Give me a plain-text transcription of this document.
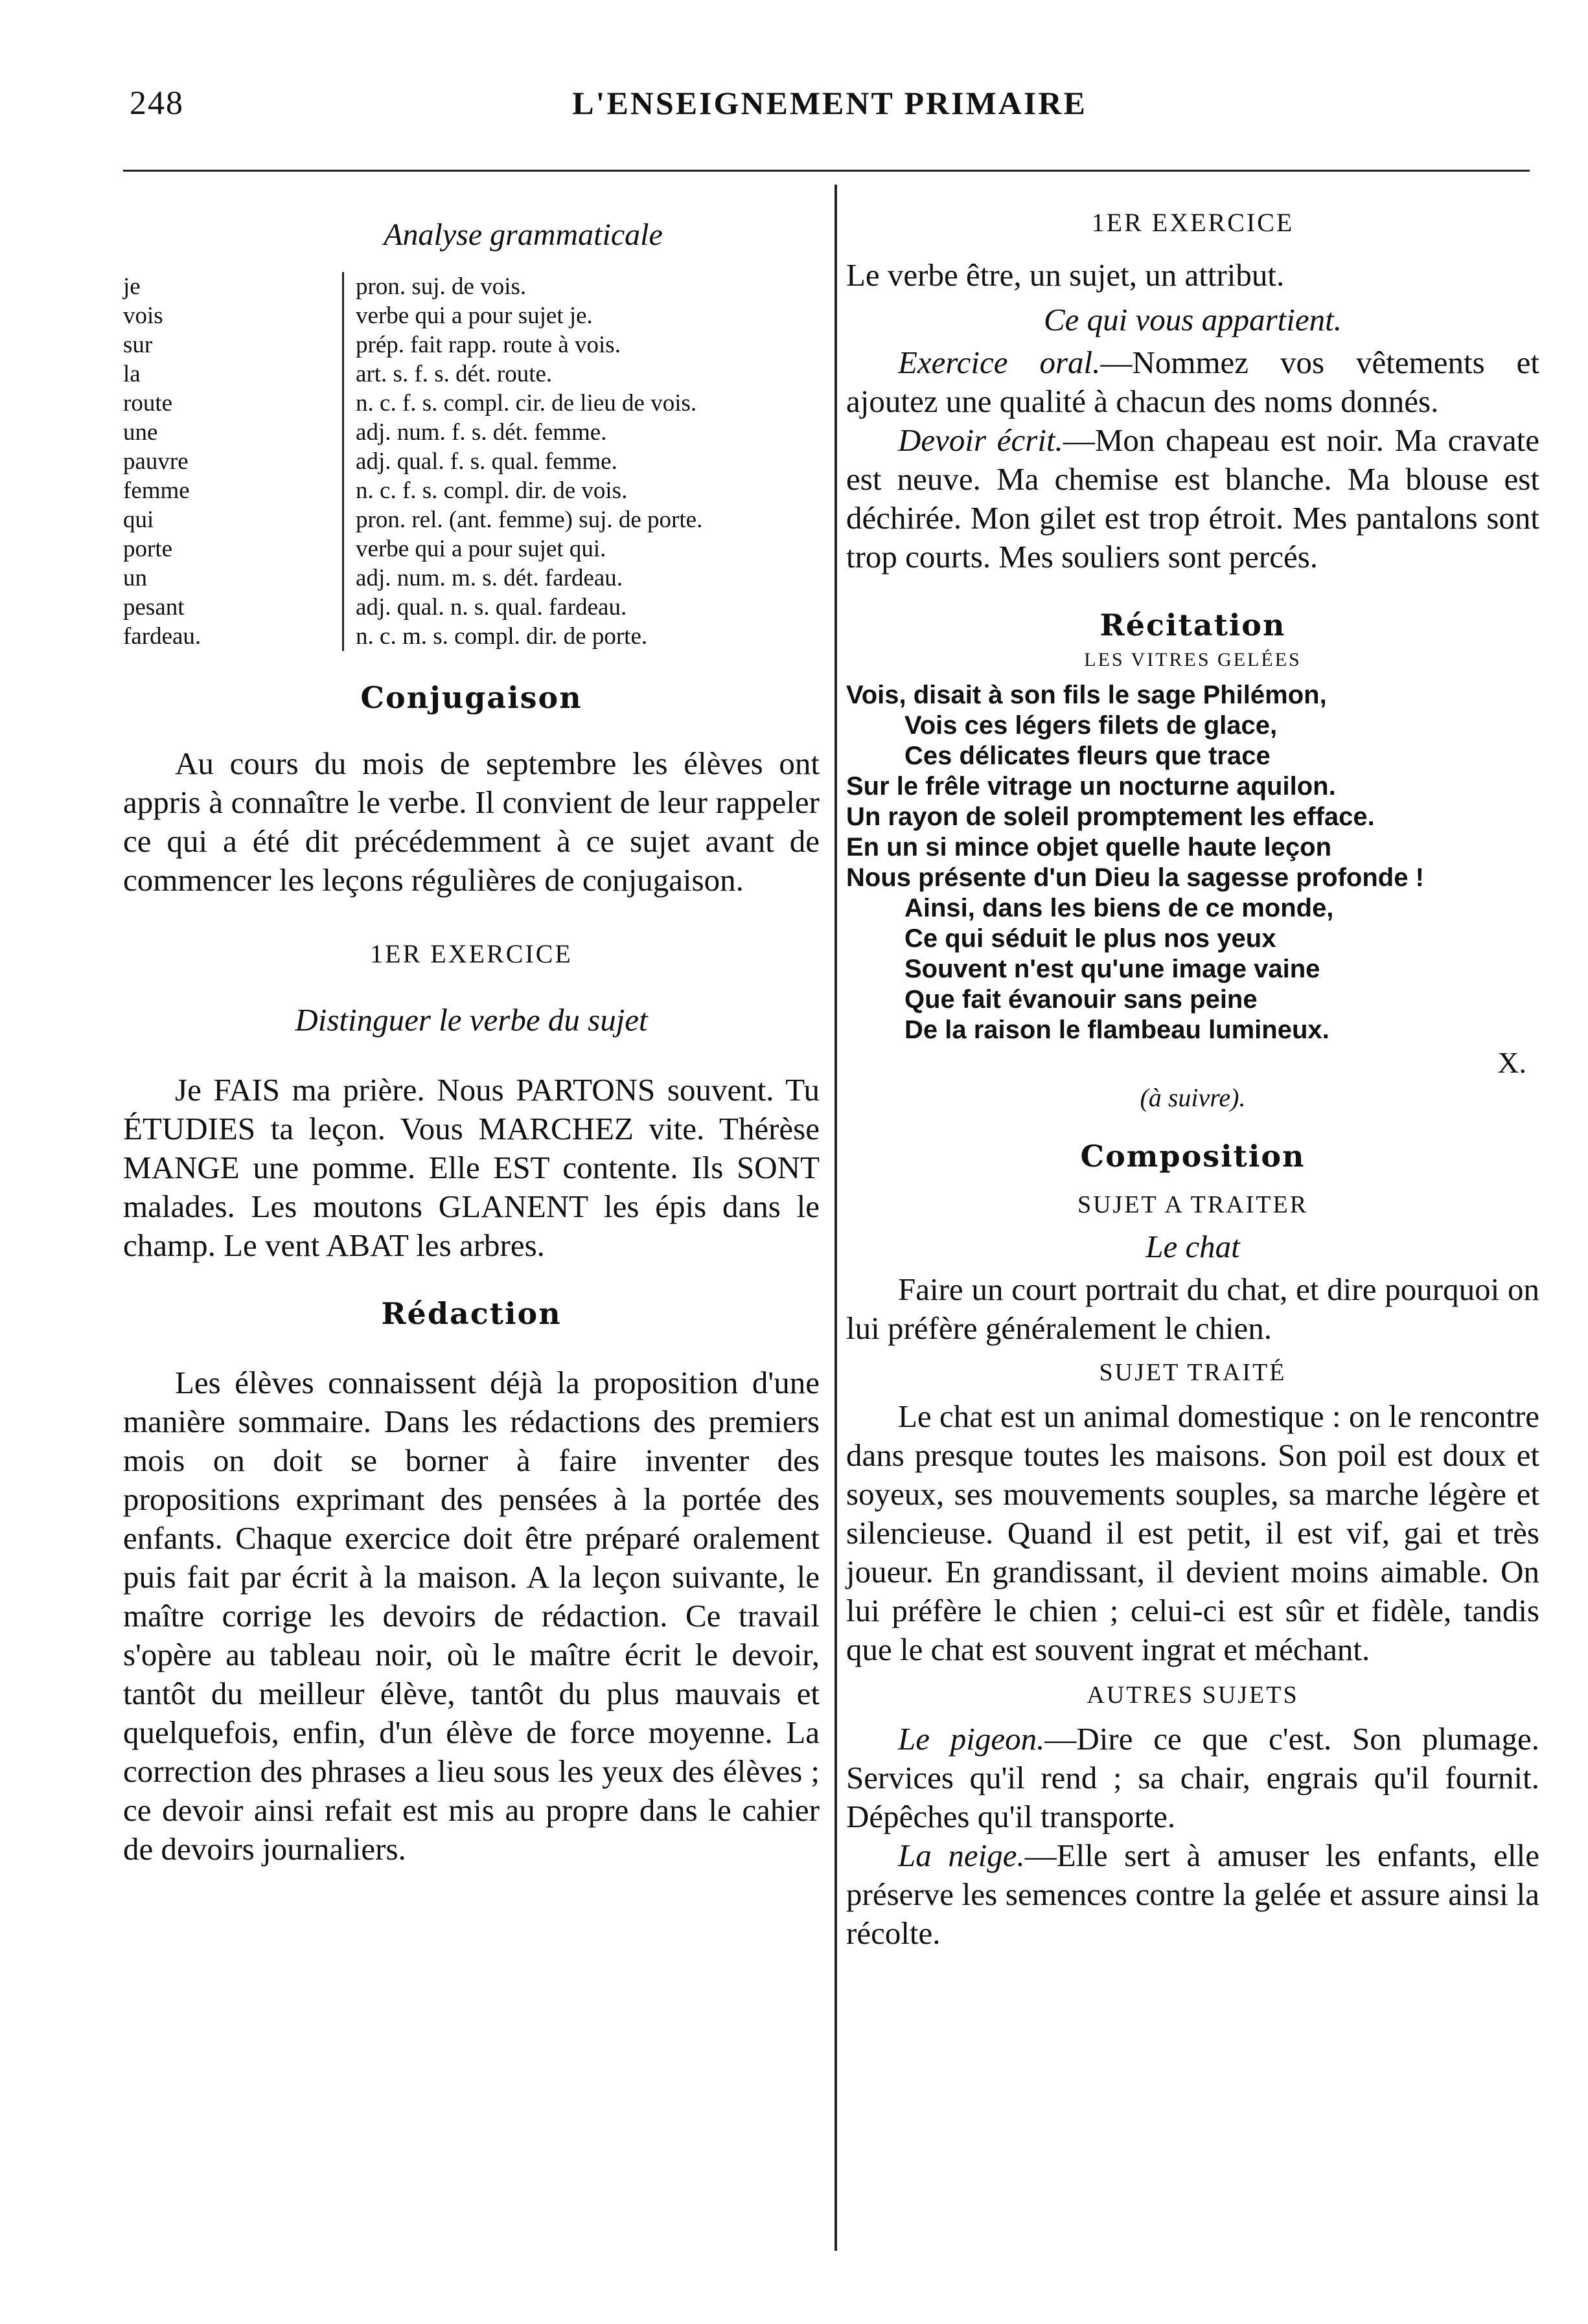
248	L'ENSEIGNEMENT PRIMAIRE
Analyse grammaticale
je	pron. suj. de vois.
vois	verbe qui a pour sujet je.
sur	prép. fait rapp. route à vois.
la	art. s. f. s. dét. route.
route	n. c. f. s. compl. cir. de lieu de vois.
une	adj. num. f. s. dét. femme.
pauvre	adj. qual. f. s. qual. femme.
femme	n. c. f. s. compl. dir. de vois.
qui	pron. rel. (ant. femme) suj. de porte.
porte	verbe qui a pour sujet qui.
un	adj. num. m. s. dét. fardeau.
pesant	adj. qual. n. s. qual. fardeau.
fardeau.	n. c. m. s. compl. dir. de porte.
Conjugaison

Au cours du mois de septembre les élèves ont appris à connaître le verbe. Il convient de leur rappeler ce qui a été dit précédemment à ce sujet avant de commencer les leçons régulières de conjugaison.

1ER EXERCICE
Distinguer le verbe du sujet

Je FAIS ma prière. Nous PARTONS souvent. Tu ÉTUDIES ta leçon. Vous MARCHEZ vite. Thérèse MANGE une pomme. Elle EST contente. Ils SONT malades. Les moutons GLANENT les épis dans le champ. Le vent ABAT les arbres.

Rédaction

Les élèves connaissent déjà la proposition d'une manière sommaire. Dans les rédactions des premiers mois on doit se borner à faire inventer des propositions exprimant des pensées à la portée des enfants. Chaque exercice doit être préparé oralement puis fait par écrit à la maison. A la leçon suivante, le maître corrige les devoirs de rédaction. Ce travail s'opère au tableau noir, où le maître écrit le devoir, tantôt du meilleur élève, tantôt du plus mauvais et quelquefois, enfin, d'un élève de force moyenne. La correction des phrases a lieu sous les yeux des élèves ; ce devoir ainsi refait est mis au propre dans le cahier de devoirs journaliers.

1ER EXERCICE

Le verbe être, un sujet, un attribut.

Ce qui vous appartient.

Exercice oral.—Nommez vos vêtements et ajoutez une qualité à chacun des noms donnés.

Devoir écrit.—Mon chapeau est noir. Ma cravate est neuve. Ma chemise est blanche. Ma blouse est déchirée. Mon gilet est trop étroit. Mes pantalons sont trop courts. Mes souliers sont percés.

Récitation
LES VITRES GELÉES
Vois, disait à son fils le sage Philémon,
Vois ces légers filets de glace,
Ces délicates fleurs que trace
Sur le frêle vitrage un nocturne aquilon.
Un rayon de soleil promptement les efface.
En un si mince objet quelle haute leçon
Nous présente d'un Dieu la sagesse profonde !
Ainsi, dans les biens de ce monde,
Ce qui séduit le plus nos yeux
Souvent n'est qu'une image vaine
Que fait évanouir sans peine
De la raison le flambeau lumineux.
X.
(à suivre).
Composition
SUJET A TRAITER
Le chat

Faire un court portrait du chat, et dire pourquoi on lui préfère généralement le chien.

SUJET TRAITÉ

Le chat est un animal domestique : on le rencontre dans presque toutes les maisons. Son poil est doux et soyeux, ses mouvements souples, sa marche légère et silencieuse. Quand il est petit, il est vif, gai et très joueur. En grandissant, il devient moins aimable. On lui préfère le chien ; celui-ci est sûr et fidèle, tandis que le chat est souvent ingrat et méchant.

AUTRES SUJETS

Le pigeon.—Dire ce que c'est. Son plumage. Services qu'il rend ; sa chair, engrais qu'il fournit. Dépêches qu'il transporte.

La neige.—Elle sert à amuser les enfants, elle préserve les semences contre la gelée et assure ainsi la récolte.
